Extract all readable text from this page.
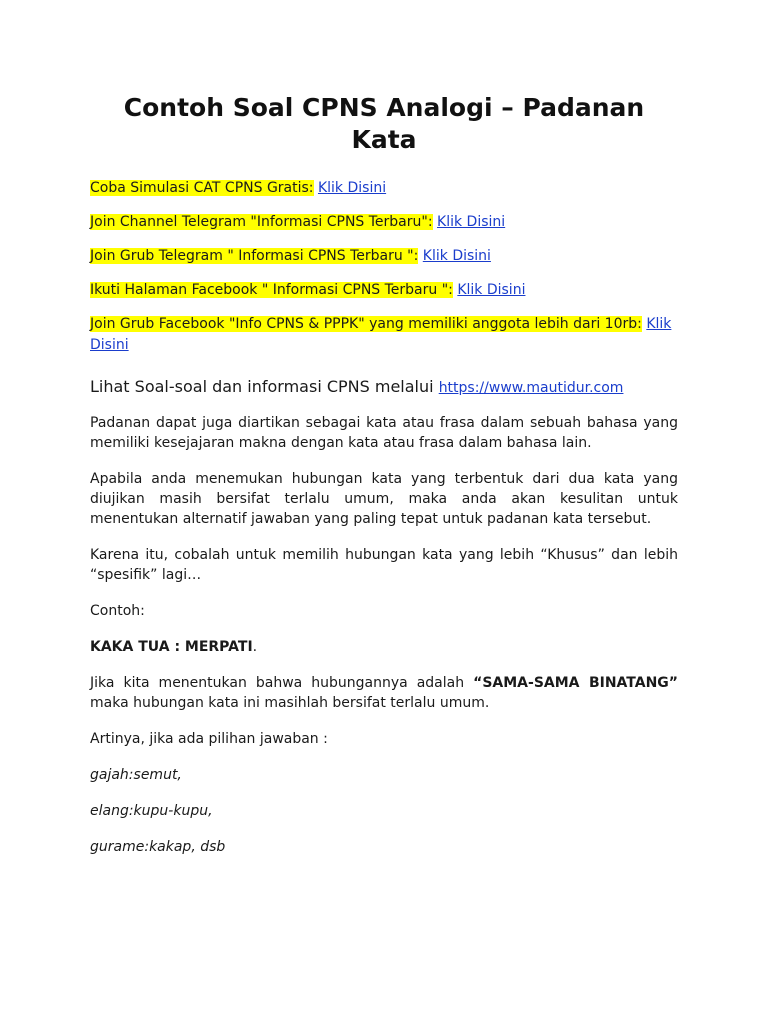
Contoh Soal CPNS Analogi – Padanan Kata

Coba Simulasi CAT CPNS Gratis: Klik Disini

Join Channel Telegram "Informasi CPNS Terbaru": Klik Disini

Join Grub Telegram " Informasi CPNS Terbaru ": Klik Disini

Ikuti Halaman Facebook " Informasi CPNS Terbaru ": Klik Disini

Join Grub Facebook "Info CPNS & PPPK" yang memiliki anggota lebih dari 10rb: Klik Disini

Lihat Soal-soal dan informasi CPNS melalui https://www.mautidur.com

Padanan dapat juga diartikan sebagai kata atau frasa dalam sebuah bahasa yang memiliki kesejajaran makna dengan kata atau frasa dalam bahasa lain.

Apabila anda menemukan hubungan kata yang terbentuk dari dua kata yang diujikan masih bersifat terlalu umum, maka anda akan kesulitan untuk menentukan alternatif jawaban yang paling tepat untuk padanan kata tersebut.

Karena itu, cobalah untuk memilih hubungan kata yang lebih “Khusus” dan lebih “spesifik” lagi…

Contoh:

KAKA TUA : MERPATI.

Jika kita menentukan bahwa hubungannya adalah “SAMA-SAMA BINATANG” maka hubungan kata ini masihlah bersifat terlalu umum.

Artinya, jika ada pilihan jawaban :

gajah:semut,

elang:kupu-kupu,

gurame:kakap, dsb
